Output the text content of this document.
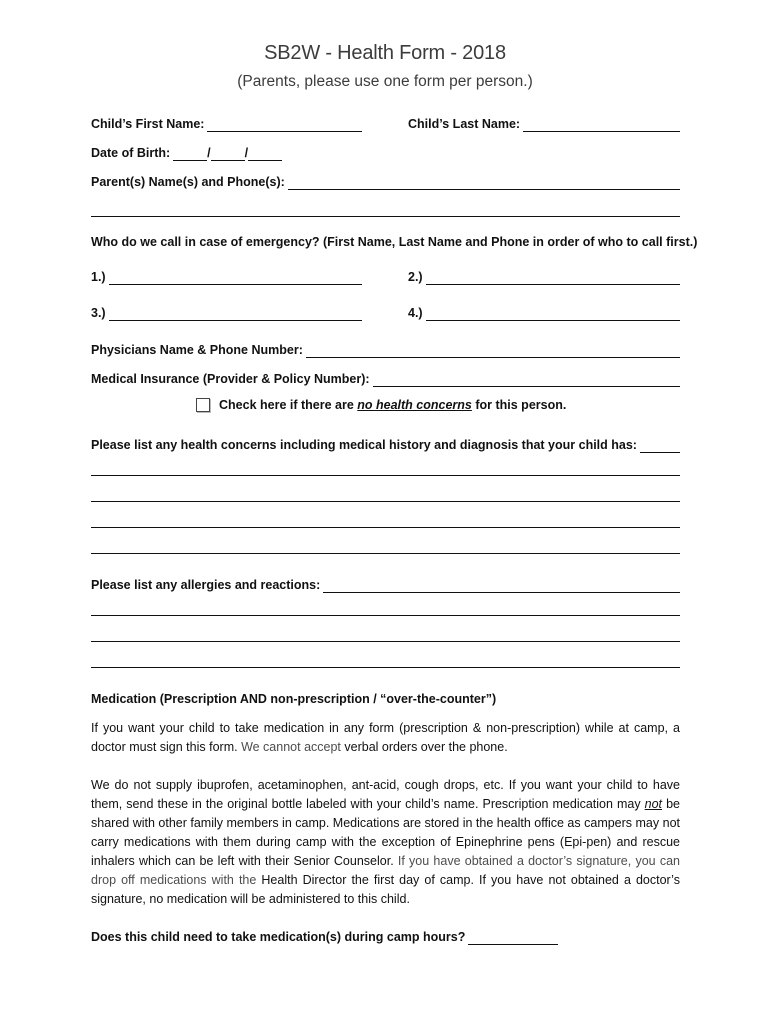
SB2W - Health Form - 2018
(Parents, please use one form per person.)
Child’s First Name:	Child’s Last Name:
Date of Birth:	/	/
Parent(s) Name(s) and Phone(s):
Who do we call in case of emergency? (First Name, Last Name and Phone in order of who to call first.)
1.)	2.)
3.)	4.)
Physicians Name & Phone Number:
Medical Insurance (Provider & Policy Number):
Check here if there are no health concerns for this person.
Please list any health concerns including medical history and diagnosis that your child has:
Please list any allergies and reactions:
Medication (Prescription AND non-prescription / “over-the-counter”)
If you want your child to take medication in any form (prescription & non-prescription) while at camp, a doctor must sign this form. We cannot accept verbal orders over the phone.
We do not supply ibuprofen, acetaminophen, ant-acid, cough drops, etc. If you want your child to have them, send these in the original bottle labeled with your child’s name. Prescription medication may not be shared with other family members in camp. Medications are stored in the health office as campers may not carry medications with them during camp with the exception of Epinephrine pens (Epi-pen) and rescue inhalers which can be left with their Senior Counselor. If you have obtained a doctor’s signature, you can drop off medications with the Health Director the first day of camp. If you have not obtained a doctor’s signature, no medication will be administered to this child.
Does this child need to take medication(s) during camp hours?
